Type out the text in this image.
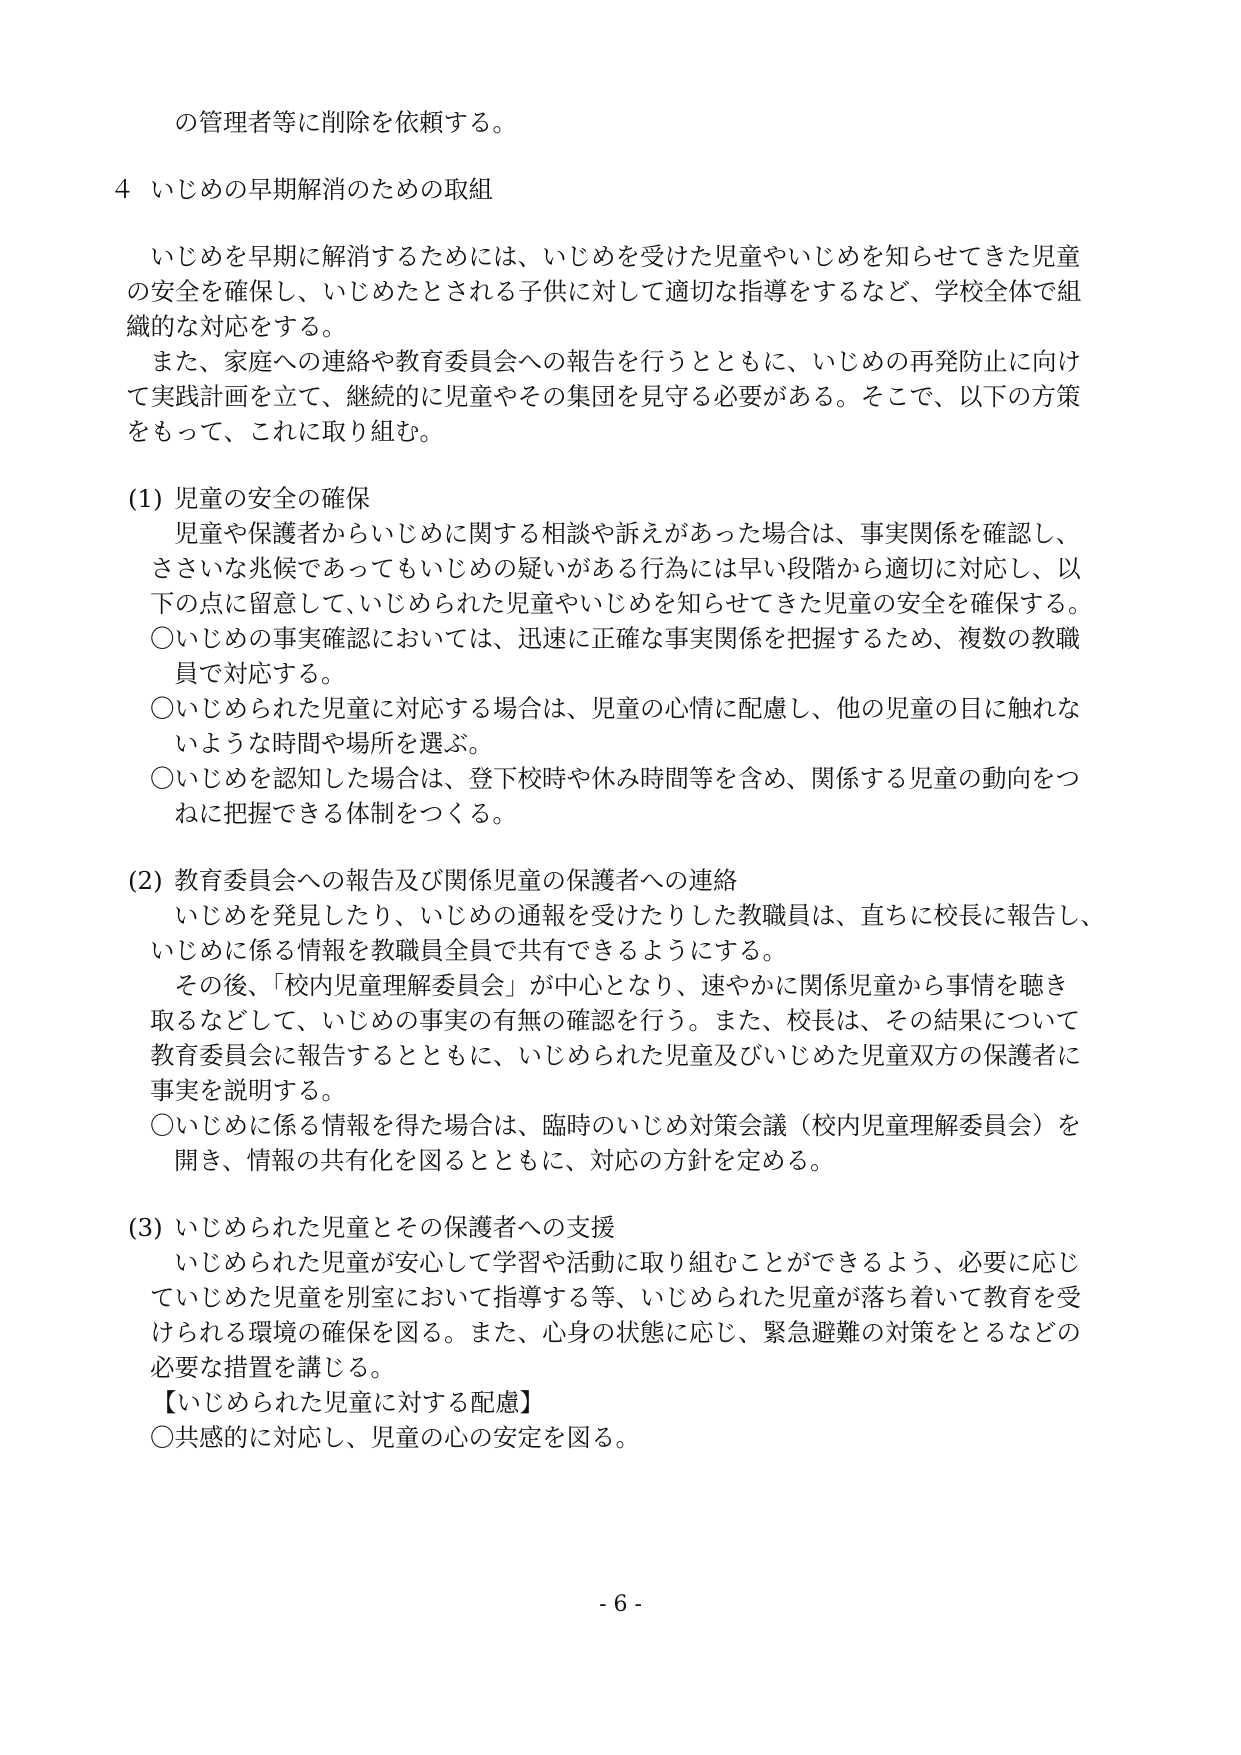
の管理者等に削除を依頼する。

４ いじめの早期解消のための取組

いじめを早期に解消するためには、いじめを受けた児童やいじめを知らせてきた児童

の安全を確保し、いじめたとされる子供に対して適切な指導をするなど、学校全体で組

織的な対応をする。

また、家庭への連絡や教育委員会への報告を行うとともに、いじめの再発防止に向け

て実践計画を立て、継続的に児童やその集団を見守る必要がある。そこで、以下の方策

をもって、これに取り組む。

(1) 児童の安全の確保

児童や保護者からいじめに関する相談や訴えがあった場合は、事実関係を確認し、

ささいな兆候であってもいじめの疑いがある行為には早い段階から適切に対応し、以

下の点に留意して､いじめられた児童やいじめを知らせてきた児童の安全を確保する｡

〇いじめの事実確認においては、迅速に正確な事実関係を把握するため、複数の教職

員で対応する。

〇いじめられた児童に対応する場合は、児童の心情に配慮し、他の児童の目に触れな

いような時間や場所を選ぶ。

〇いじめを認知した場合は、登下校時や休み時間等を含め、関係する児童の動向をつ

ねに把握できる体制をつくる。

(2) 教育委員会への報告及び関係児童の保護者への連絡

いじめを発見したり、いじめの通報を受けたりした教職員は、直ちに校長に報告し、

いじめに係る情報を教職員全員で共有できるようにする。

その後、「校内児童理解委員会」が中心となり、速やかに関係児童から事情を聴き

取るなどして、いじめの事実の有無の確認を行う。また、校長は、その結果について

教育委員会に報告するとともに、いじめられた児童及びいじめた児童双方の保護者に

事実を説明する。

〇いじめに係る情報を得た場合は、臨時のいじめ対策会議（校内児童理解委員会）を

開き、情報の共有化を図るとともに、対応の方針を定める。

(3) いじめられた児童とその保護者への支援

いじめられた児童が安心して学習や活動に取り組むことができるよう、必要に応じ

ていじめた児童を別室において指導する等、いじめられた児童が落ち着いて教育を受

けられる環境の確保を図る。また、心身の状態に応じ、緊急避難の対策をとるなどの

必要な措置を講じる。

【いじめられた児童に対する配慮】

〇共感的に対応し、児童の心の安定を図る。

- 6 -
